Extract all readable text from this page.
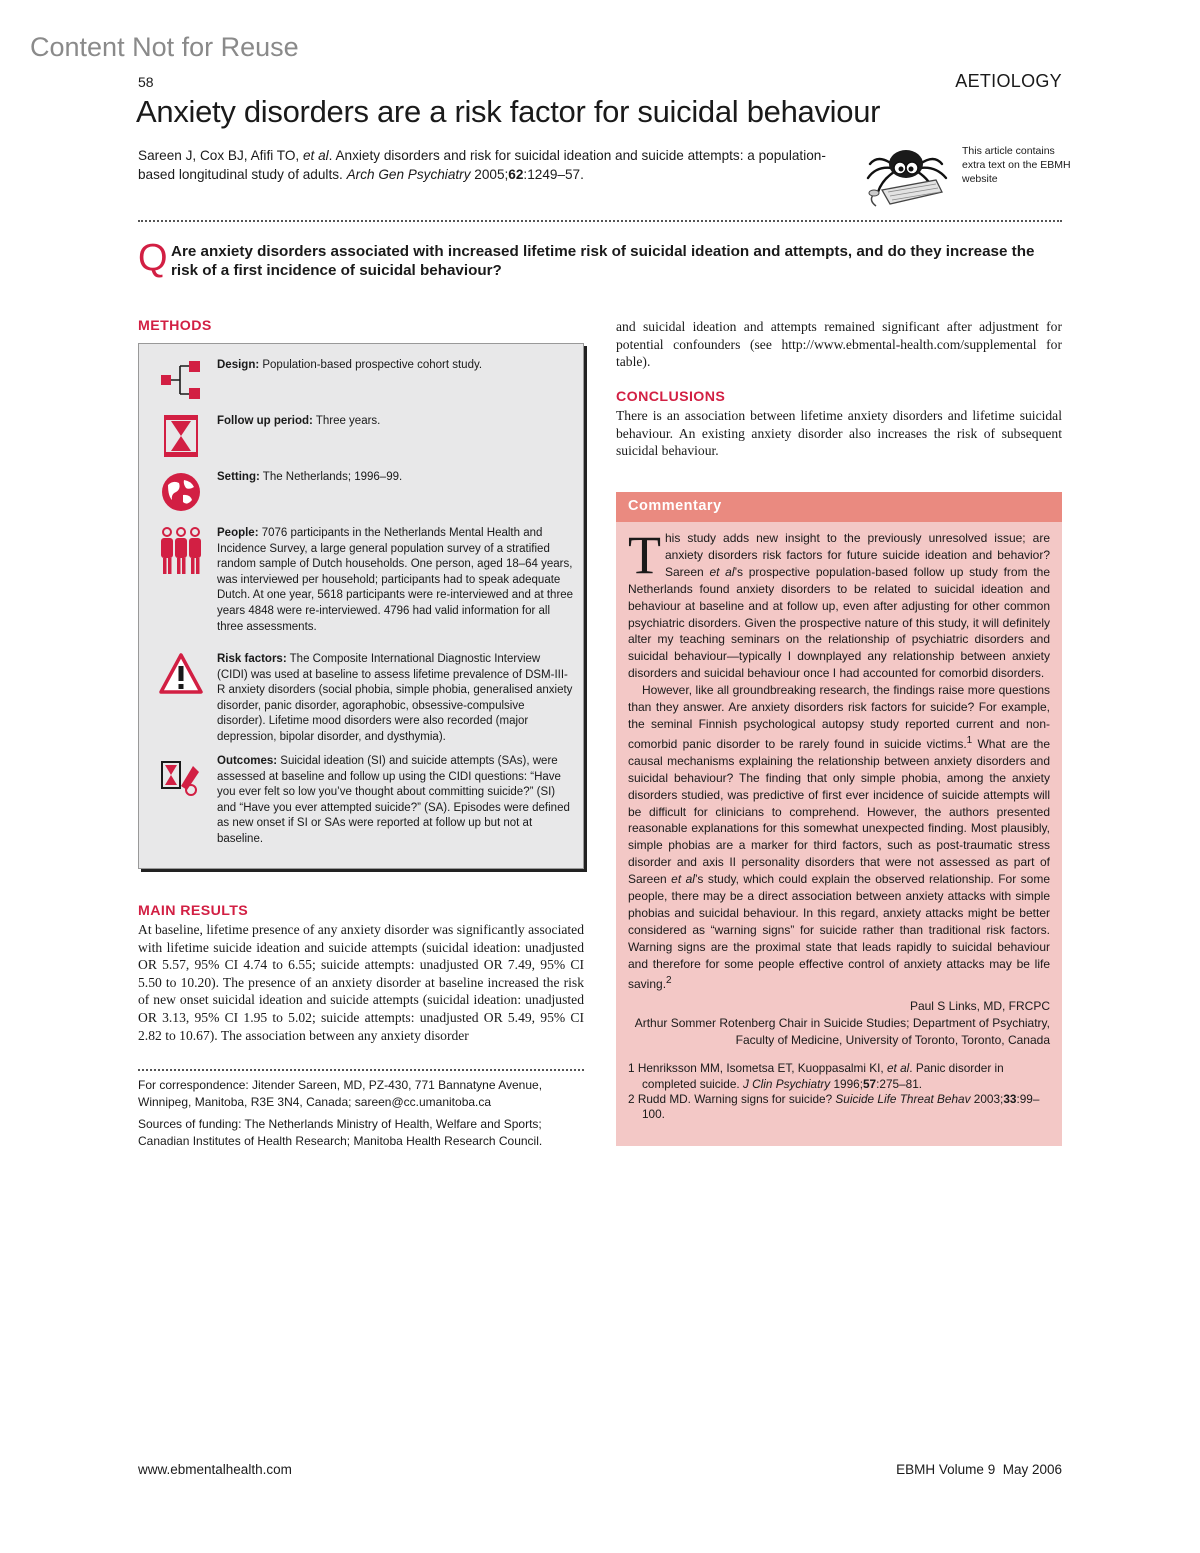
Content Not for Reuse
58	AETIOLOGY
Anxiety disorders are a risk factor for suicidal behaviour
Sareen J, Cox BJ, Afifi TO, et al. Anxiety disorders and risk for suicidal ideation and suicide attempts: a population-based longitudinal study of adults. Arch Gen Psychiatry 2005;62:1249–57.
This article contains extra text on the EBMH website
Q Are anxiety disorders associated with increased lifetime risk of suicidal ideation and attempts, and do they increase the risk of a first incidence of suicidal behaviour?
METHODS
Design: Population-based prospective cohort study.
Follow up period: Three years.
Setting: The Netherlands; 1996–99.
People: 7076 participants in the Netherlands Mental Health and Incidence Survey, a large general population survey of a stratified random sample of Dutch households. One person, aged 18–64 years, was interviewed per household; participants had to speak adequate Dutch. At one year, 5618 participants were re-interviewed and at three years 4848 were re-interviewed. 4796 had valid information for all three assessments.
Risk factors: The Composite International Diagnostic Interview (CIDI) was used at baseline to assess lifetime prevalence of DSM-III-R anxiety disorders (social phobia, simple phobia, generalised anxiety disorder, panic disorder, agoraphobic, obsessive-compulsive disorder). Lifetime mood disorders were also recorded (major depression, bipolar disorder, and dysthymia).
Outcomes: Suicidal ideation (SI) and suicide attempts (SAs), were assessed at baseline and follow up using the CIDI questions: “Have you ever felt so low you’ve thought about committing suicide?” (SI) and “Have you ever attempted suicide?” (SA). Episodes were defined as new onset if SI or SAs were reported at follow up but not at baseline.
MAIN RESULTS
At baseline, lifetime presence of any anxiety disorder was significantly associated with lifetime suicide ideation and suicide attempts (suicidal ideation: unadjusted OR 5.57, 95% CI 4.74 to 6.55; suicide attempts: unadjusted OR 7.49, 95% CI 5.50 to 10.20). The presence of an anxiety disorder at baseline increased the risk of new onset suicidal ideation and suicide attempts (suicidal ideation: unadjusted OR 3.13, 95% CI 1.95 to 5.02; suicide attempts: unadjusted OR 5.49, 95% CI 2.82 to 10.67). The association between any anxiety disorder
For correspondence: Jitender Sareen, MD, PZ-430, 771 Bannatyne Avenue, Winnipeg, Manitoba, R3E 3N4, Canada; sareen@cc.umanitoba.ca
Sources of funding: The Netherlands Ministry of Health, Welfare and Sports; Canadian Institutes of Health Research; Manitoba Health Research Council.
and suicidal ideation and attempts remained significant after adjustment for potential confounders (see http://www.ebmental-health.com/supplemental for table).
CONCLUSIONS
There is an association between lifetime anxiety disorders and lifetime suicidal behaviour. An existing anxiety disorder also increases the risk of subsequent suicidal behaviour.
Commentary

This study adds new insight to the previously unresolved issue; are anxiety disorders risk factors for future suicide ideation and behavior? Sareen et al’s prospective population-based follow up study from the Netherlands found anxiety disorders to be related to suicidal ideation and behaviour at baseline and at follow up, even after adjusting for other common psychiatric disorders. Given the prospective nature of this study, it will definitely alter my teaching seminars on the relationship of psychiatric disorders and suicidal behaviour—typically I downplayed any relationship between anxiety disorders and suicidal behaviour once I had accounted for comorbid disorders.

However, like all groundbreaking research, the findings raise more questions than they answer. Are anxiety disorders risk factors for suicide? For example, the seminal Finnish psychological autopsy study reported current and non-comorbid panic disorder to be rarely found in suicide victims.$^1$ What are the causal mechanisms explaining the relationship between anxiety disorders and suicidal behaviour? The finding that only simple phobia, among the anxiety disorders studied, was predictive of first ever incidence of suicide attempts will be difficult for clinicians to comprehend. However, the authors presented reasonable explanations for this somewhat unexpected finding. Most plausibly, simple phobias are a marker for third factors, such as post-traumatic stress disorder and axis II personality disorders that were not assessed as part of Sareen et al’s study, which could explain the observed relationship. For some people, there may be a direct association between anxiety attacks with simple phobias and suicidal behaviour. In this regard, anxiety attacks might be better considered as “warning signs” for suicide rather than traditional risk factors. Warning signs are the proximal state that leads rapidly to suicidal behaviour and therefore for some people effective control of anxiety attacks may be life saving.$^2$

Paul S Links, MD, FRCPC
Arthur Sommer Rotenberg Chair in Suicide Studies; Department of Psychiatry, Faculty of Medicine, University of Toronto, Toronto, Canada
1 Henriksson MM, Isometsa ET, Kuoppasalmi KI, et al. Panic disorder in completed suicide. J Clin Psychiatry 1996;57:275–81.
2 Rudd MD. Warning signs for suicide? Suicide Life Threat Behav 2003;33:99–100.
www.ebmentalhealth.com	EBMH Volume 9  May 2006
